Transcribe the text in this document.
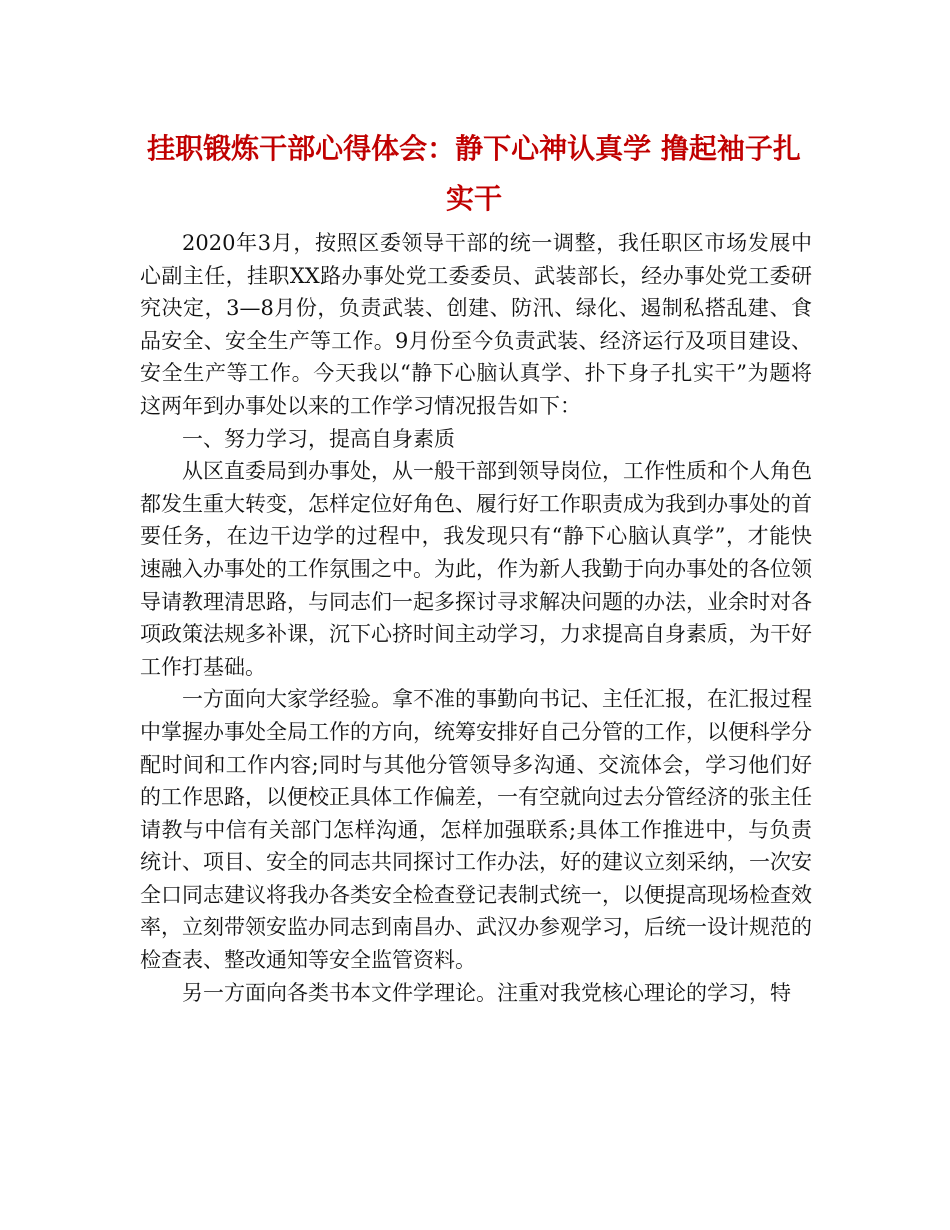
挂职锻炼干部心得体会：静下心神认真学 撸起袖子扎实干

2020年3月，按照区委领导干部的统一调整，我任职区市场发展中心副主任，挂职XX路办事处党工委委员、武装部长，经办事处党工委研究决定，3—8月份，负责武装、创建、防汛、绿化、遏制私搭乱建、食品安全、安全生产等工作。9月份至今负责武装、经济运行及项目建设、安全生产等工作。今天我以“静下心脑认真学、扑下身子扎实干”为题将这两年到办事处以来的工作学习情况报告如下：

一、努力学习，提高自身素质

从区直委局到办事处，从一般干部到领导岗位，工作性质和个人角色都发生重大转变，怎样定位好角色、履行好工作职责成为我到办事处的首要任务，在边干边学的过程中，我发现只有“静下心脑认真学”，才能快速融入办事处的工作氛围之中。为此，作为新人我勤于向办事处的各位领导请教理清思路，与同志们一起多探讨寻求解决问题的办法，业余时对各项政策法规多补课，沉下心挤时间主动学习，力求提高自身素质，为干好工作打基础。

一方面向大家学经验。拿不准的事勤向书记、主任汇报，在汇报过程中掌握办事处全局工作的方向，统筹安排好自己分管的工作，以便科学分配时间和工作内容;同时与其他分管领导多沟通、交流体会，学习他们好的工作思路，以便校正具体工作偏差，一有空就向过去分管经济的张主任请教与中信有关部门怎样沟通，怎样加强联系;具体工作推进中，与负责统计、项目、安全的同志共同探讨工作办法，好的建议立刻采纳，一次安全口同志建议将我办各类安全检查登记表制式统一，以便提高现场检查效率，立刻带领安监办同志到南昌办、武汉办参观学习，后统一设计规范的检查表、整改通知等安全监管资料。

另一方面向各类书本文件学理论。注重对我党核心理论的学习，特
